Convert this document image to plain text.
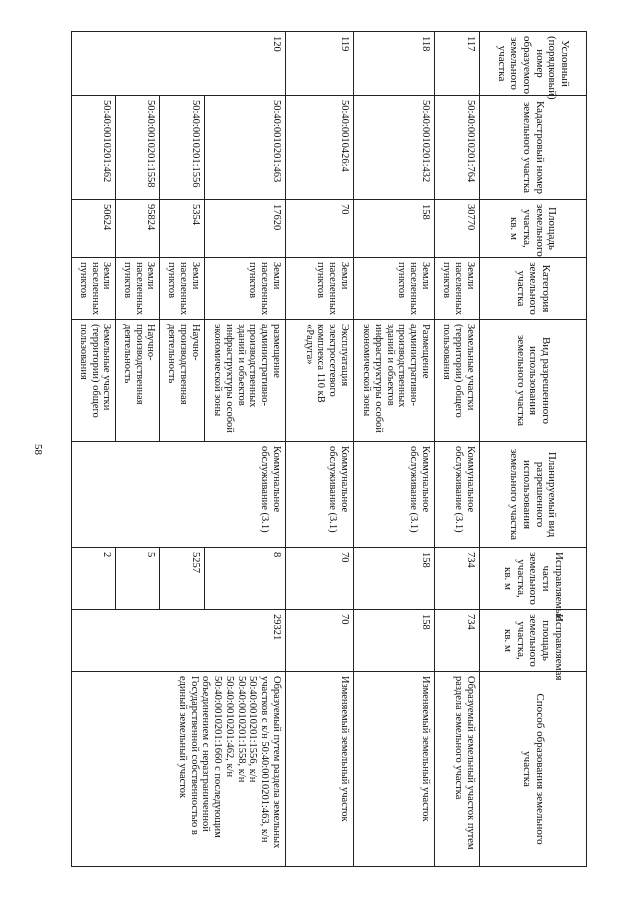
58
Условный (порядковый) номер образуемого земельного участка	Кадастровый номер земельного участка	Площадь земельного участка, кв. м	Категория земельного участка	Вид разрешенного использования земельного участка	Планируемый вид разрешенного использования земельного участка	Исправляемые части земельного участка, кв. м	Исправляемая площадь земельного участка, кв. м	Способ образования земельного участка
117	50:40:0010201:764	30770	Земли населенных пунктов	Земельные участки (территории) общего пользования	Коммунальное обслуживание (3.1)	734	734	Образуемый земельный участок путем раздела земельного участка
118	50:40:0010201:432	158	Земли населенных пунктов	Размещение административно-производственных зданий и объектов инфраструктуры особой экономической зоны	Коммунальное обслуживание (3.1)	158	158	Изменяемый земельный участок
119	50:40:0010426:4	70	Земли населенных пунктов	Эксплуатация электросетевого комплекса 110 кВ «Радуга»	Коммунальное обслуживание (3.1)	70	70	Изменяемый земельный участок
120	50:40:0010201:463	17620	Земли населенных пунктов	размещение административно-производственных зданий и объектов инфраструктуры особой экономической зоны	Коммунальное обслуживание (3.1)	8	29321	Образуемый путем раздела земельных участков с к/н 50:40:0010201:463, к/н 50:40:0010201:1556, к/н 50:40:0010201:1558, к/н 50:40:0010201:462, к/н 50:40:0010201:1660 с последующим объединением с неразграниченной Государственной собственностью в единый земельный участок
	50:40:0010201:1556	5354	Земли населенных пунктов	Научно-производственная деятельность		5257		
	50:40:0010201:1558	95824	Земли населенных пунктов	Научно-производственная деятельность		5		
	50:40:0010201:462	50624	Земли населенных пунктов	Земельные участки (территории) общего пользования		2		
